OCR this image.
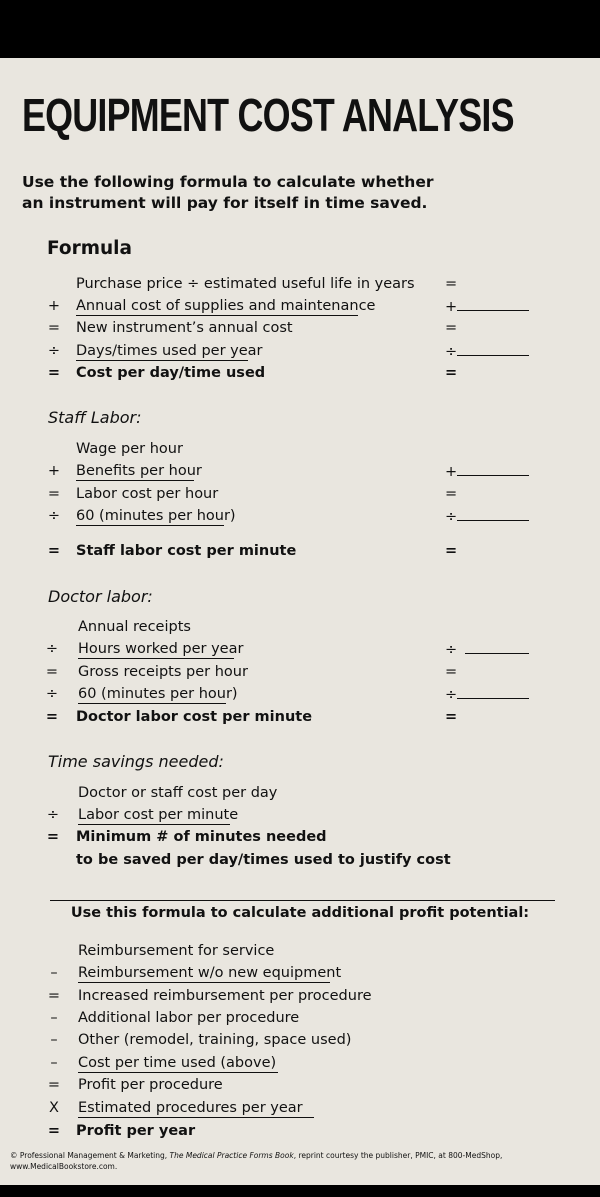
EQUIPMENT COST ANALYSIS
Use the following formula to calculate whether
an instrument will pay for itself in time saved.
Formula
Purchase price ÷ estimated useful life in years =
+ Annual cost of supplies and maintenance	+
= New instrument’s annual cost	=
÷ Days/times used per year	÷
= Cost per day/time used	=
Staff Labor:
Wage per hour
+ Benefits per hour	+
= Labor cost per hour	=
÷ 60 (minutes per hour)	÷
= Staff labor cost per minute	=
Doctor labor:
Annual receipts
÷ Hours worked per year	÷
= Gross receipts per hour	=
÷ 60 (minutes per hour)	÷
= Doctor labor cost per minute	=
Time savings needed:
Doctor or staff cost per day
÷ Labor cost per minute
= Minimum # of minutes needed
to be saved per day/times used to justify cost
Use this formula to calculate additional profit potential:
Reimbursement for service
–	Reimbursement w/o new equipment
= Increased reimbursement per procedure
–	Additional labor per procedure
–	Other (remodel, training, space used)
–	Cost per time used (above)
= Profit per procedure
X	Estimated procedures per year
= Profit per year
© Professional Management & Marketing, The Medical Practice Forms Book, reprint courtesy the publisher, PMIC, at 800-MedShop,
www.MedicalBookstore.com.
